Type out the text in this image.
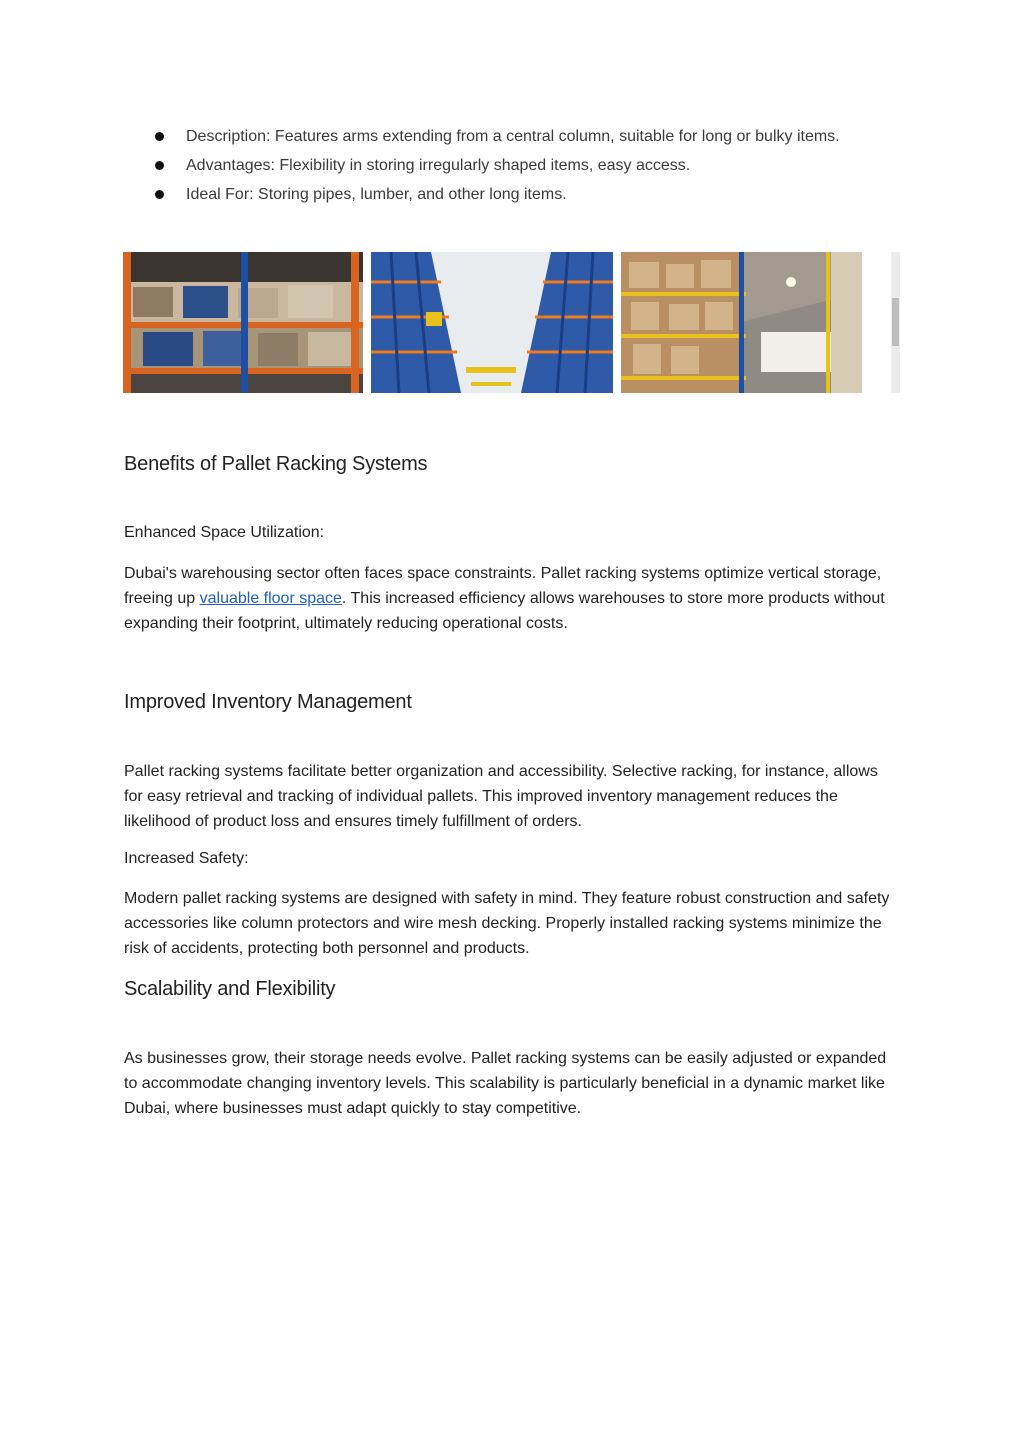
Description: Features arms extending from a central column, suitable for long or bulky items.
Advantages: Flexibility in storing irregularly shaped items, easy access.
Ideal For: Storing pipes, lumber, and other long items.
Benefits of Pallet Racking Systems
Enhanced Space Utilization:

Dubai's warehousing sector often faces space constraints. Pallet racking systems optimize vertical storage, freeing up valuable floor space. This increased efficiency allows warehouses to store more products without expanding their footprint, ultimately reducing operational costs.

Improved Inventory Management

Pallet racking systems facilitate better organization and accessibility. Selective racking, for instance, allows for easy retrieval and tracking of individual pallets. This improved inventory management reduces the likelihood of product loss and ensures timely fulfillment of orders.

Increased Safety:

Modern pallet racking systems are designed with safety in mind. They feature robust construction and safety accessories like column protectors and wire mesh decking. Properly installed racking systems minimize the risk of accidents, protecting both personnel and products.

Scalability and Flexibility

As businesses grow, their storage needs evolve. Pallet racking systems can be easily adjusted or expanded to accommodate changing inventory levels. This scalability is particularly beneficial in a dynamic market like Dubai, where businesses must adapt quickly to stay competitive.
